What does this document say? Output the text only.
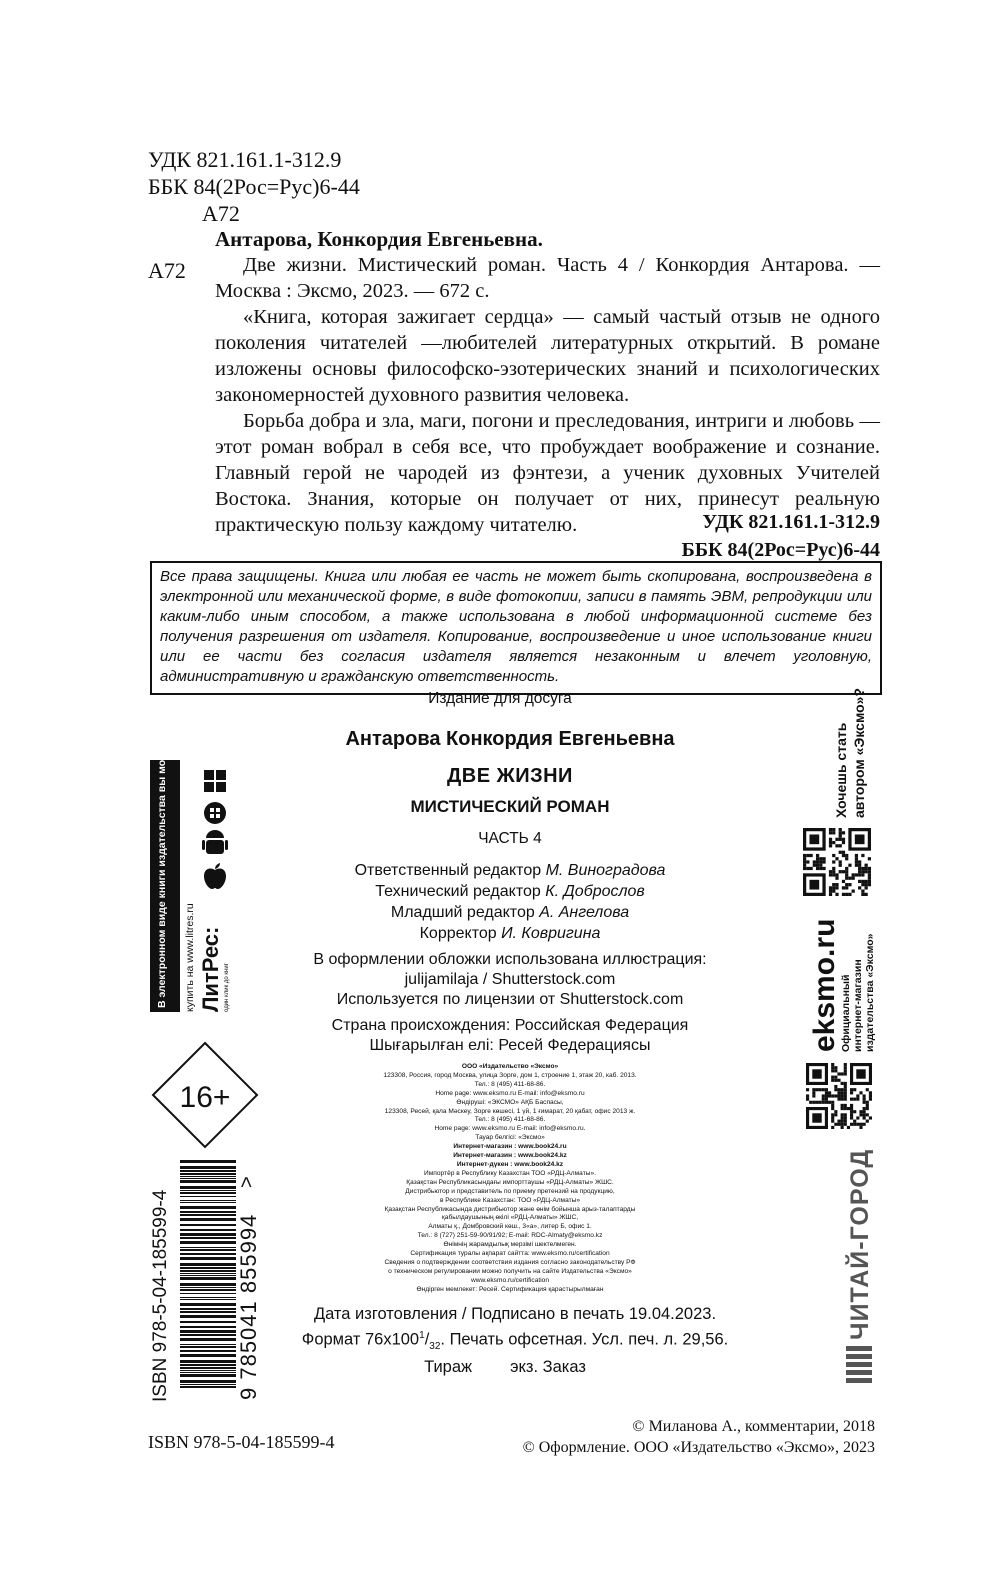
УДК 821.161.1-312.9
ББК 84(2Рос=Рус)6-44
А72
А72

Антарова, Конкордия Евгеньевна.

Две жизни. Мистический роман. Часть 4 / Конкордия Антарова. — Москва : Эксмо, 2023. — 672 с.

«Книга, которая зажигает сердца» — самый частый отзыв не одного поколения читателей —любителей литературных открытий. В романе изложены основы философско-эзотерических знаний и психологических закономерностей духовного развития человека.

Борьба добра и зла, маги, погони и преследования, интриги и любовь — этот роман вобрал в себя все, что пробуждает воображение и сознание. Главный герой не чародей из фэнтези, а ученик духовных Учителей Востока. Знания, которые он получает от них, принесут реальную практическую пользу каждому читателю.	УДК 821.161.1-312.9
ББК 84(2Рос=Рус)6-44
Все права защищены. Книга или любая ее часть не может быть скопирована, воспроизведена в электронной или механической форме, в виде фотокопии, записи в память ЭВМ, репродукции или каким-либо иным способом, а также использована в любой информационной системе без получения разрешения от издателя. Копирование, воспроизведение и иное использование книги или ее части без согласия издателя является незаконным и влечет уголовную, административную и гражданскую ответственность.
Издание для досуга
Антарова Конкордия Евгеньевна
ДВЕ ЖИЗНИ
МИСТИЧЕСКИЙ РОМАН
ЧАСТЬ 4
Ответственный редактор М. Виноградова
Технический редактор К. Доброслов
Младший редактор А. Ангелова
Корректор И. Ковригина
В оформлении обложки использована иллюстрация:
julijamilaja / Shutterstock.com
Используется по лицензии от Shutterstock.com
Страна происхождения: Российская Федерация
Шығарылған елі: Ресей Федерациясы
ООО «Издательство «Эксмо»
123308, Россия, город Москва, улица Зорге, дом 1, строение 1, этаж 20, каб. 2013.
Тел.: 8 (495) 411-68-86.
Home page: www.eksmo.ru E-mail: info@eksmo.ru
Өндіруші: «ЭКСМО» АҚБ Баспасы,
123308, Ресей, қала Мәскеу, Зорге көшесі, 1 үй, 1 ғимарат, 20 қабат, офис 2013 ж.
Тел.: 8 (495) 411-68-86.
Home page: www.eksmo.ru E-mail: info@eksmo.ru.
Тауар белгісі: «Эксмо»
Интернет-магазин : www.book24.ru
Интернет-магазин : www.book24.kz
Интернет-дүкен : www.book24.kz
Импортёр в Республику Казахстан ТОО «РДЦ-Алматы».
Қазақстан Республикасындағы импорттаушы «РДЦ-Алматы» ЖШС.
Дистрибьютор и представитель по приему претензий на продукцию,
в Республике Казахстан: ТОО «РДЦ-Алматы»
Қазақстан Республикасында дистрибьютор және өнім бойынша арыз-талаптарды
қабылдаушының өкілі «РДЦ-Алматы» ЖШС,
Алматы қ., Домбровский көш., 3«а», литер Б, офис 1.
Тел.: 8 (727) 251-59-90/91/92; E-mail: RDC-Almaty@eksmo.kz
Өнімнің жарамдылық мерзімі шектелмеген.
Сертификация туралы ақпарат сайтта: www.eksmo.ru/certification
Сведения о подтверждении соответствия издания согласно законодательству РФ
о техническом регулировании можно получить на сайте Издательства «Эксмо»
www.eksmo.ru/certification
Өндірген мемлекет: Ресей. Сертификация қарастырылмаған
Дата изготовления / Подписано в печать 19.04.2023.
Формат $76x100^1/_{32}$. Печать офсетная. Усл. печ. л. 29,56.
Тираж экз. Заказ
© Миланова А., комментарии, 2018
© Оформление. ООО «Издательство «Эксмо», 2023
ISBN 978-5-04-185599-4
В электронном виде книги издательства вы можете купить на www.litres.ru ЛитРес: один клик до книг
16+
ISBN 978-5-04-185599-4	9 785041 855994
>
Хочешь стать автором «Эксмо»?
eksmo.ru Официальный интернет-магазин издательства «Эксмо»
ЧИТАЙ-ГОРОД
